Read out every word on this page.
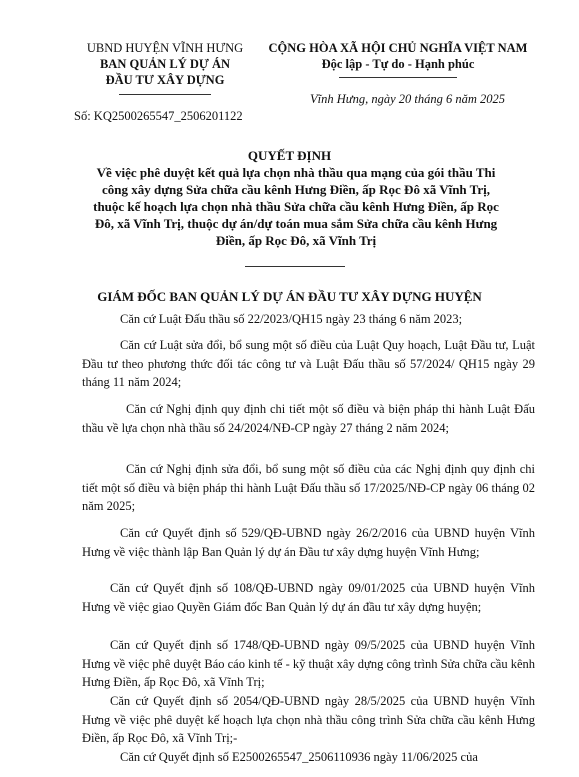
UBND HUYỆN VĨNH HƯNG
BAN QUẢN LÝ DỰ ÁN
ĐẦU TƯ XÂY DỰNG
CỘNG HÒA XÃ HỘI CHỦ NGHĨA VIỆT NAM
Độc lập - Tự do - Hạnh phúc
Vĩnh Hưng, ngày 20 tháng 6 năm 2025
Số: KQ2500265547_2506201122
QUYẾT ĐỊNH
Về việc phê duyệt kết quả lựa chọn nhà thầu qua mạng của gói thầu Thi công xây dựng Sửa chữa cầu kênh Hưng Điền, ấp Rọc Đô xã Vĩnh Trị, thuộc kế hoạch lựa chọn nhà thầu Sửa chữa cầu kênh Hưng Điền, ấp Rọc Đô, xã Vĩnh Trị, thuộc dự án/dự toán mua sắm Sửa chữa cầu kênh Hưng Điền, ấp Rọc Đô, xã Vĩnh Trị
GIÁM ĐỐC BAN QUẢN LÝ DỰ ÁN ĐẦU TƯ XÂY DỰNG HUYỆN
Căn cứ Luật Đấu thầu số 22/2023/QH15 ngày 23 tháng 6 năm 2023;
Căn cứ Luật sửa đổi, bổ sung một số điều của Luật Quy hoạch, Luật Đầu tư, Luật Đầu tư theo phương thức đối tác công tư và Luật Đấu thầu số 57/2024/ QH15 ngày 29 tháng 11 năm 2024;
Căn cứ Nghị định quy định chi tiết một số điều và biện pháp thi hành Luật Đấu thầu về lựa chọn nhà thầu số 24/2024/NĐ-CP ngày 27 tháng 2 năm 2024;
Căn cứ Nghị định sửa đổi, bổ sung một số điều của các Nghị định quy định chi tiết một số điều và biện pháp thi hành Luật Đấu thầu số 17/2025/NĐ-CP ngày 06 tháng 02 năm 2025;
Căn cứ Quyết định số 529/QĐ-UBND ngày 26/2/2016 của UBND huyện Vĩnh Hưng về việc thành lập Ban Quản lý dự án Đầu tư xây dựng huyện Vĩnh Hưng;
Căn cứ Quyết định số 108/QĐ-UBND ngày 09/01/2025 của UBND huyện Vĩnh Hưng về việc giao Quyền Giám đốc Ban Quản lý dự án đầu tư xây dựng huyện;
Căn cứ Quyết định số 1748/QĐ-UBND ngày 09/5/2025 của UBND huyện Vĩnh Hưng về việc phê duyệt Báo cáo kinh tế - kỹ thuật xây dựng công trình Sửa chữa cầu kênh Hưng Điền, ấp Rọc Đô, xã Vĩnh Trị;
Căn cứ Quyết định số 2054/QĐ-UBND ngày 28/5/2025 của UBND huyện Vĩnh Hưng về việc phê duyệt kế hoạch lựa chọn nhà thầu công trình Sửa chữa cầu kênh Hưng Điền, ấp Rọc Đô, xã Vĩnh Trị;-
Căn cứ Quyết định số E2500265547_2506110936 ngày 11/06/2025 của
